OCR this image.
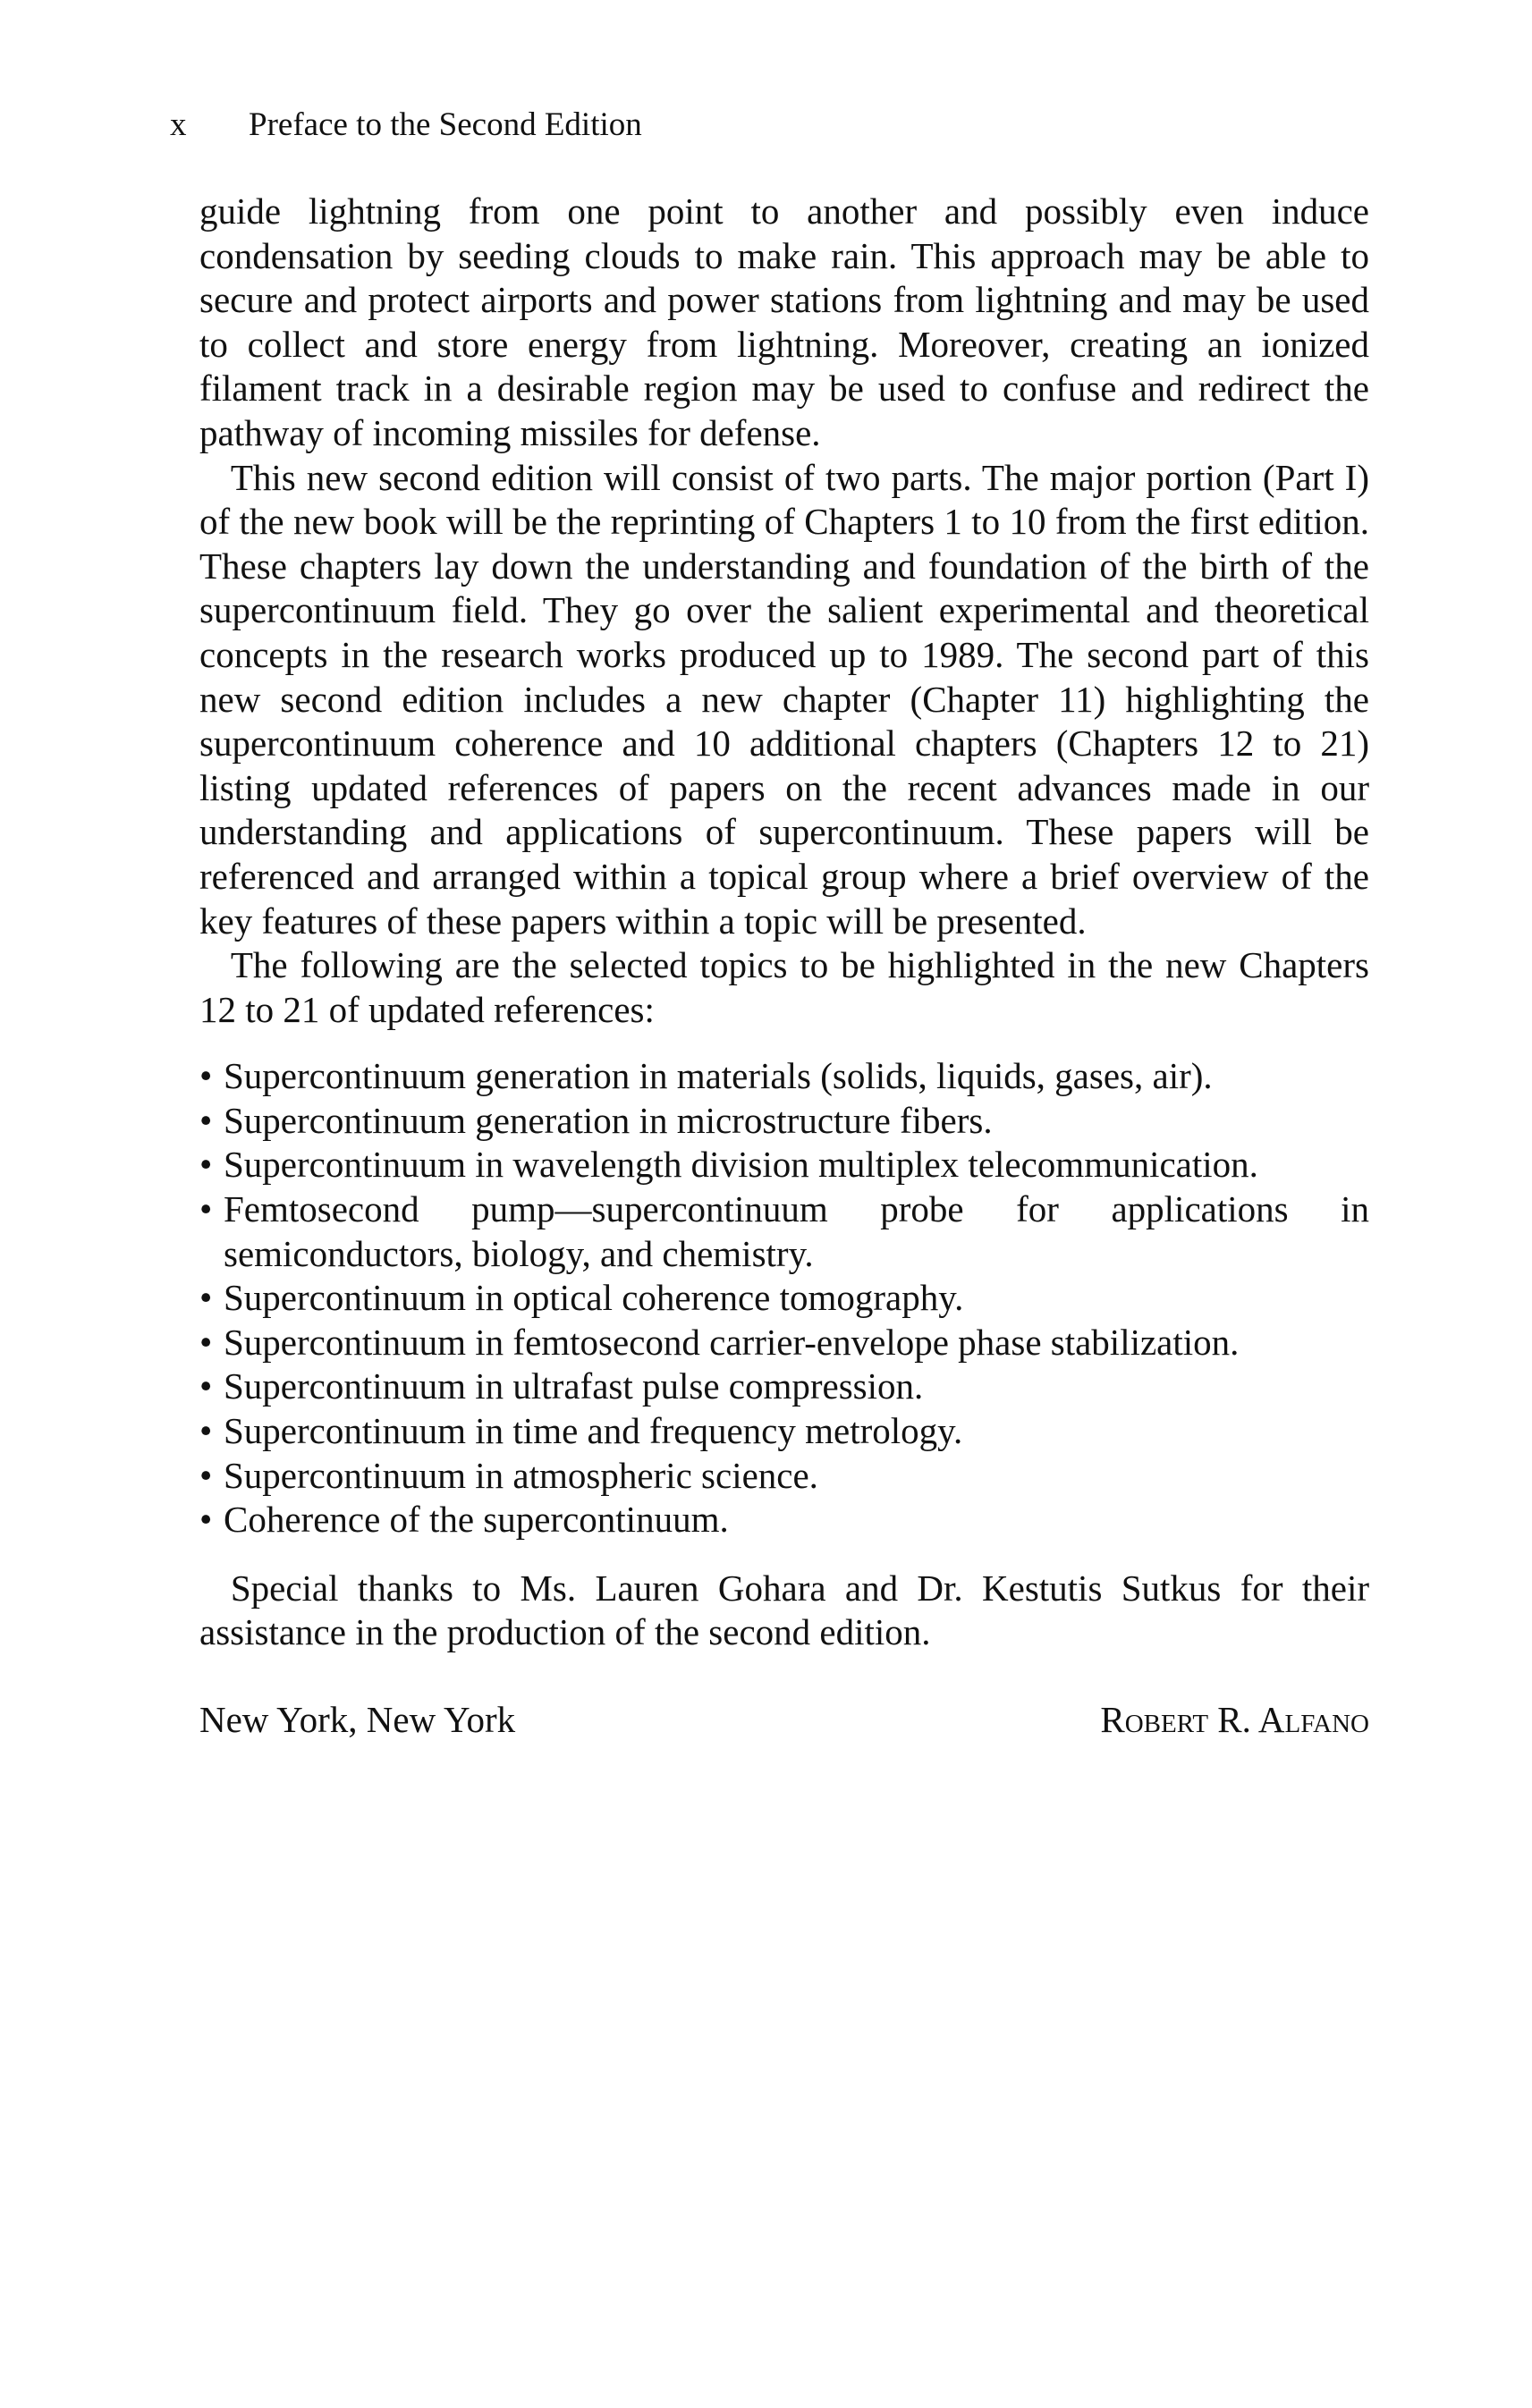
x Preface to the Second Edition

guide lightning from one point to another and possibly even induce condensation by seeding clouds to make rain. This approach may be able to secure and protect airports and power stations from lightning and may be used to collect and store energy from lightning. Moreover, creating an ionized filament track in a desirable region may be used to confuse and redirect the pathway of incoming missiles for defense.

This new second edition will consist of two parts. The major portion (Part I) of the new book will be the reprinting of Chapters 1 to 10 from the first edition. These chapters lay down the understanding and foundation of the birth of the supercontinuum field. They go over the salient experimental and theoretical concepts in the research works produced up to 1989. The second part of this new second edition includes a new chapter (Chapter 11) highlighting the supercontinuum coherence and 10 additional chapters (Chapters 12 to 21) listing updated references of papers on the recent advances made in our understanding and applications of supercontinuum. These papers will be referenced and arranged within a topical group where a brief overview of the key features of these papers within a topic will be presented.

The following are the selected topics to be highlighted in the new Chapters 12 to 21 of updated references:

• Supercontinuum generation in materials (solids, liquids, gases, air).
• Supercontinuum generation in microstructure fibers.
• Supercontinuum in wavelength division multiplex telecommunication.
• Femtosecond pump—supercontinuum probe for applications in semiconductors, biology, and chemistry.
• Supercontinuum in optical coherence tomography.
• Supercontinuum in femtosecond carrier-envelope phase stabilization.
• Supercontinuum in ultrafast pulse compression.
• Supercontinuum in time and frequency metrology.
• Supercontinuum in atmospheric science.
• Coherence of the supercontinuum.

Special thanks to Ms. Lauren Gohara and Dr. Kestutis Sutkus for their assistance in the production of the second edition.

New York, New York	Robert R. Alfano
